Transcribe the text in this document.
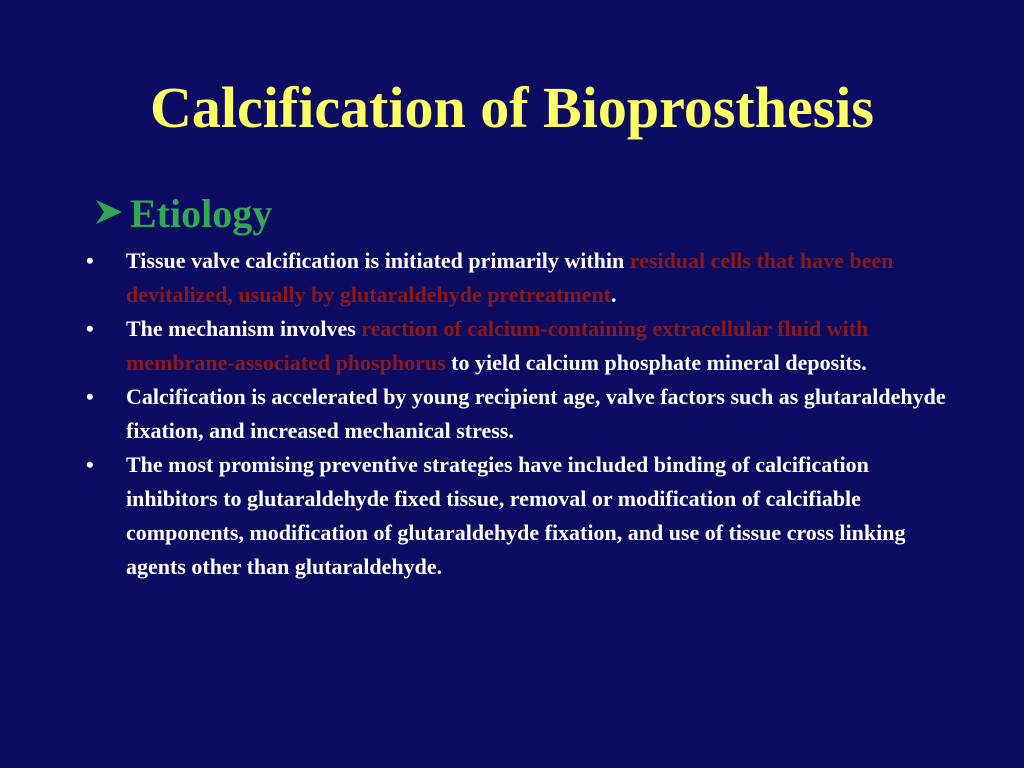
Calcification of Bioprosthesis
Etiology
•	Tissue valve calcification is initiated primarily within residual cells that have been devitalized, usually by glutaraldehyde pretreatment.
•	The mechanism involves reaction of calcium-containing extracellular fluid with membrane-associated phosphorus to yield calcium phosphate mineral deposits.
•	Calcification is accelerated by young recipient age, valve factors such as glutaraldehyde fixation, and increased mechanical stress.
•	The most promising preventive strategies have included binding of calcification inhibitors to glutaraldehyde fixed tissue, removal or modification of calcifiable components, modification of glutaraldehyde fixation, and use of tissue cross linking agents other than glutaraldehyde.
